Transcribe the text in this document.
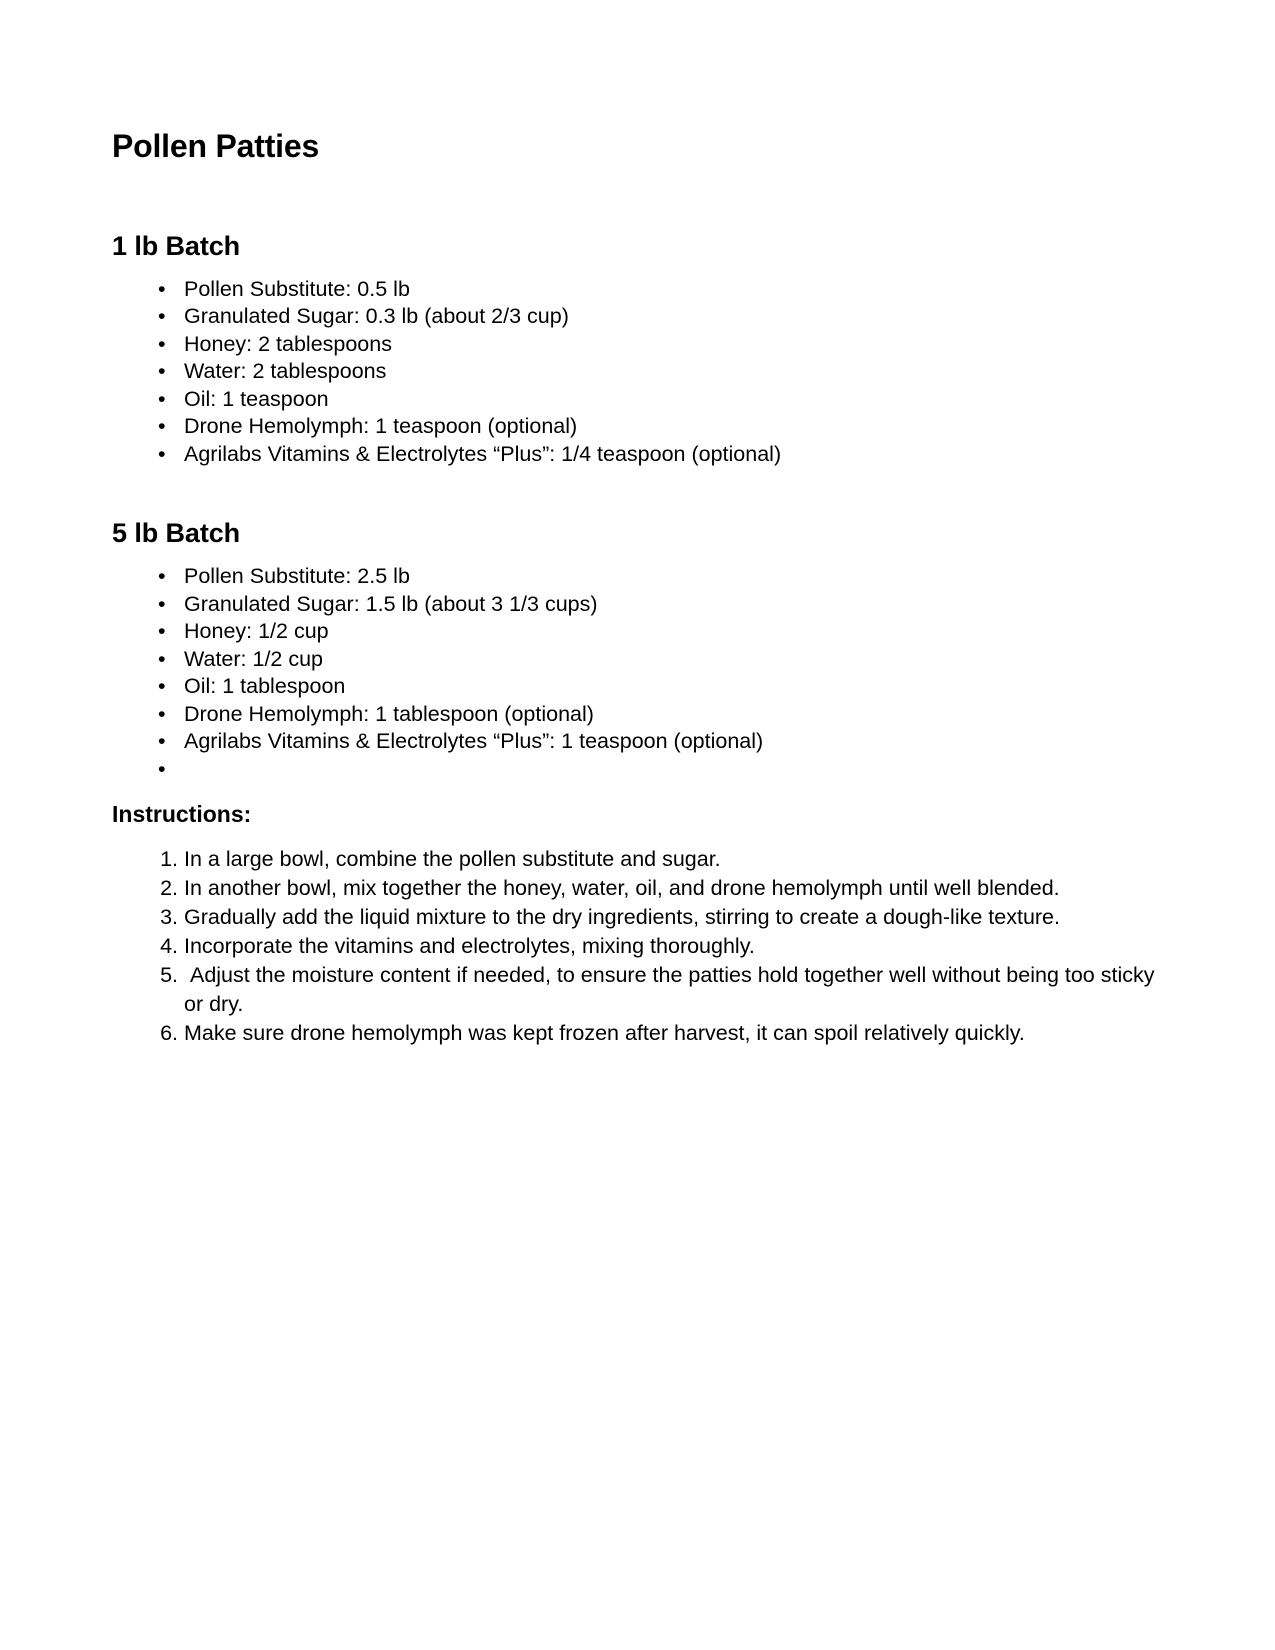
Pollen Patties
1 lb Batch
• Pollen Substitute: 0.5 lb
• Granulated Sugar: 0.3 lb (about 2/3 cup)
• Honey: 2 tablespoons
• Water: 2 tablespoons
• Oil: 1 teaspoon
• Drone Hemolymph: 1 teaspoon (optional)
• Agrilabs Vitamins & Electrolytes “Plus”: 1/4 teaspoon (optional)
5 lb Batch
• Pollen Substitute: 2.5 lb
• Granulated Sugar: 1.5 lb (about 3 1/3 cups)
• Honey: 1/2 cup
• Water: 1/2 cup
• Oil: 1 tablespoon
• Drone Hemolymph: 1 tablespoon (optional)
• Agrilabs Vitamins & Electrolytes “Plus”: 1 teaspoon (optional)
•
Instructions:
1. In a large bowl, combine the pollen substitute and sugar.
2. In another bowl, mix together the honey, water, oil, and drone hemolymph until well blended.
3. Gradually add the liquid mixture to the dry ingredients, stirring to create a dough-like texture.
4. Incorporate the vitamins and electrolytes, mixing thoroughly.
5. Adjust the moisture content if needed, to ensure the patties hold together well without being too sticky or dry.
6. Make sure drone hemolymph was kept frozen after harvest, it can spoil relatively quickly.
